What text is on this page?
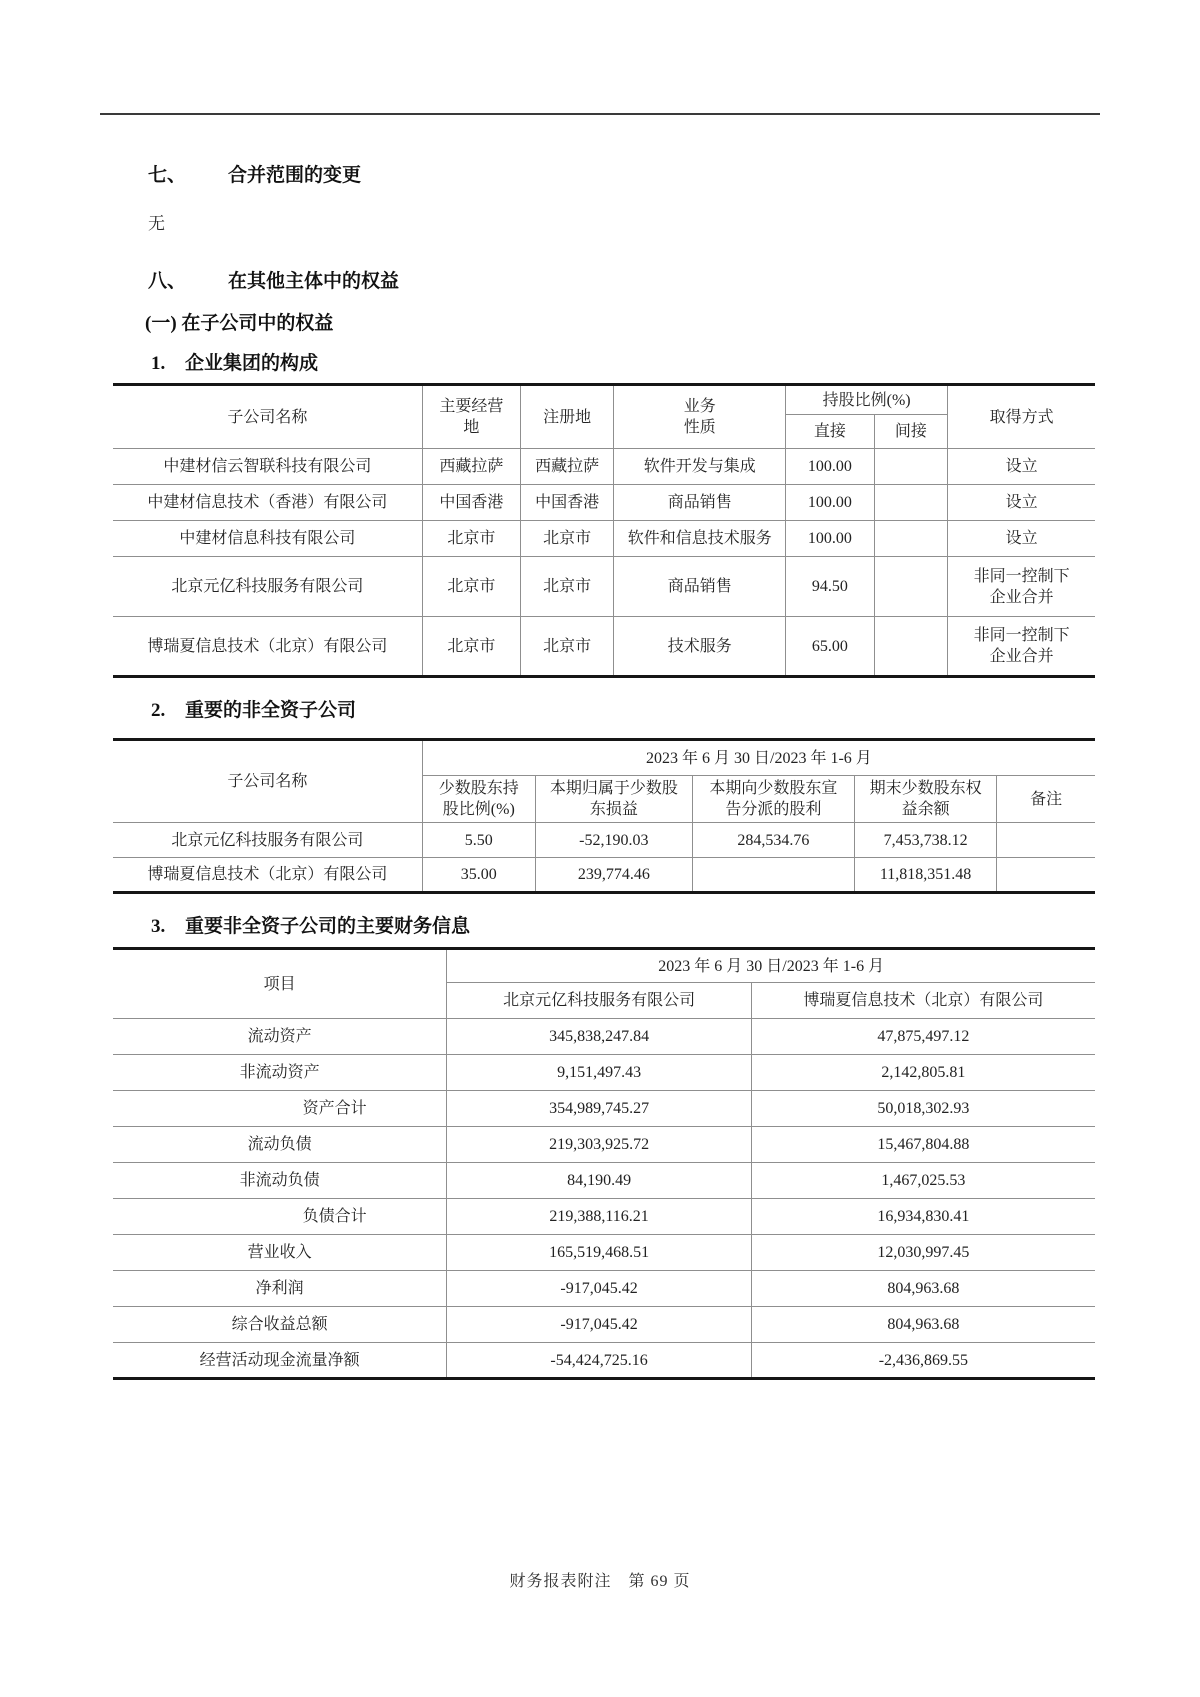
七、 合并范围的变更

无

八、 在其他主体中的权益
(一) 在子公司中的权益
1. 企业集团的构成
子公司名称	主要经营地	注册地	业务性质	持股比例(%)		取得方式
				直接	间接	
中建材信云智联科技有限公司	西藏拉萨	西藏拉萨	软件开发与集成	100.00		设立
中建材信息技术（香港）有限公司	中国香港	中国香港	商品销售	100.00		设立
中建材信息科技有限公司	北京市	北京市	软件和信息技术服务	100.00		设立
北京元亿科技服务有限公司	北京市	北京市	商品销售	94.50		非同一控制下企业合并
博瑞夏信息技术（北京）有限公司	北京市	北京市	技术服务	65.00		非同一控制下企业合并
2. 重要的非全资子公司
子公司名称	2023 年 6 月 30 日/2023 年 1-6 月				
	少数股东持股比例(%)	本期归属于少数股东损益	本期向少数股东宣告分派的股利	期末少数股东权益余额	备注
北京元亿科技服务有限公司	5.50	-52,190.03	284,534.76	7,453,738.12	
博瑞夏信息技术（北京）有限公司	35.00	239,774.46		11,818,351.48	
3. 重要非全资子公司的主要财务信息
项目	2023 年 6 月 30 日/2023 年 1-6 月	
	北京元亿科技服务有限公司	博瑞夏信息技术（北京）有限公司
流动资产	345,838,247.84	47,875,497.12
非流动资产	9,151,497.43	2,142,805.81
资产合计	354,989,745.27	50,018,302.93
流动负债	219,303,925.72	15,467,804.88
非流动负债	84,190.49	1,467,025.53
负债合计	219,388,116.21	16,934,830.41
营业收入	165,519,468.51	12,030,997.45
净利润	-917,045.42	804,963.68
综合收益总额	-917,045.42	804,963.68
经营活动现金流量净额	-54,424,725.16	-2,436,869.55
财务报表附注　第 69 页
